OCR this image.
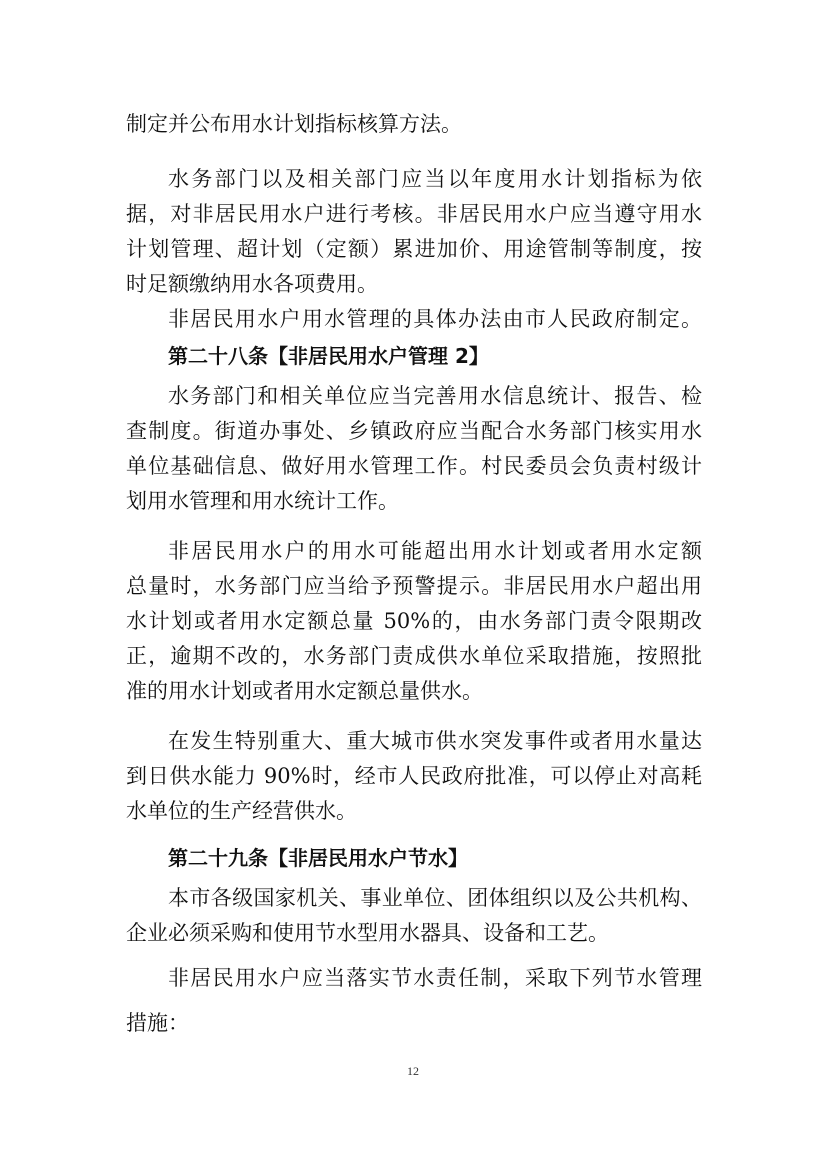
制定并公布用水计划指标核算方法。
水务部门以及相关部门应当以年度用水计划指标为依
据，对非居民用水户进行考核。非居民用水户应当遵守用水
计划管理、超计划（定额）累进加价、用途管制等制度，按
时足额缴纳用水各项费用。
非居民用水户用水管理的具体办法由市人民政府制定。
第二十八条【非居民用水户管理 2】
水务部门和相关单位应当完善用水信息统计、报告、检
查制度。街道办事处、乡镇政府应当配合水务部门核实用水
单位基础信息、做好用水管理工作。村民委员会负责村级计
划用水管理和用水统计工作。
非居民用水户的用水可能超出用水计划或者用水定额
总量时，水务部门应当给予预警提示。非居民用水户超出用
水计划或者用水定额总量 50%的，由水务部门责令限期改
正，逾期不改的，水务部门责成供水单位采取措施，按照批
准的用水计划或者用水定额总量供水。
在发生特别重大、重大城市供水突发事件或者用水量达
到日供水能力 90%时，经市人民政府批准，可以停止对高耗
水单位的生产经营供水。
第二十九条【非居民用水户节水】
本市各级国家机关、事业单位、团体组织以及公共机构、
企业必须采购和使用节水型用水器具、设备和工艺。
非居民用水户应当落实节水责任制，采取下列节水管理
措施：
12
